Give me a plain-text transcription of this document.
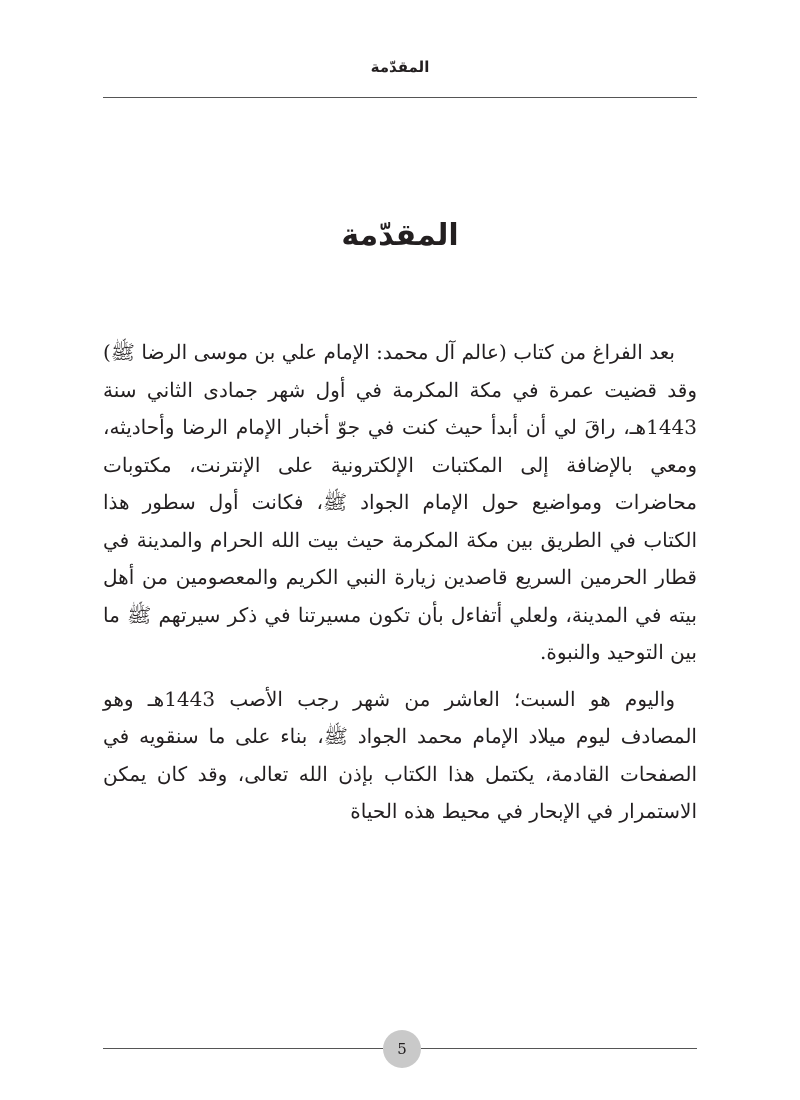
المقدّمة
المقدّمة

بعد الفراغ من كتاب (عالم آل محمد: الإمام علي بن موسى الرضا ﷺ) وقد قضيت عمرة في مكة المكرمة في أول شهر جمادى الثاني سنة 1443هـ، راقَ لي أن أبدأ حيث كنت في جوّ أخبار الإمام الرضا وأحاديثه، ومعي بالإضافة إلى المكتبات الإلكترونية على الإنترنت، مكتوبات محاضرات ومواضيع حول الإمام الجواد ﷺ، فكانت أول سطور هذا الكتاب في الطريق بين مكة المكرمة حيث بيت الله الحرام والمدينة في قطار الحرمين السريع قاصدين زيارة النبي الكريم والمعصومين من أهل بيته في المدينة، ولعلي أتفاءل بأن تكون مسيرتنا في ذكر سيرتهم ﷺ ما بين التوحيد والنبوة.

واليوم هو السبت؛ العاشر من شهر رجب الأصب 1443هـ وهو المصادف ليوم ميلاد الإمام محمد الجواد ﷺ، بناء على ما سنقويه في الصفحات القادمة، يكتمل هذا الكتاب بإذن الله تعالى، وقد كان يمكن الاستمرار في الإبحار في محيط هذه الحياة

5
